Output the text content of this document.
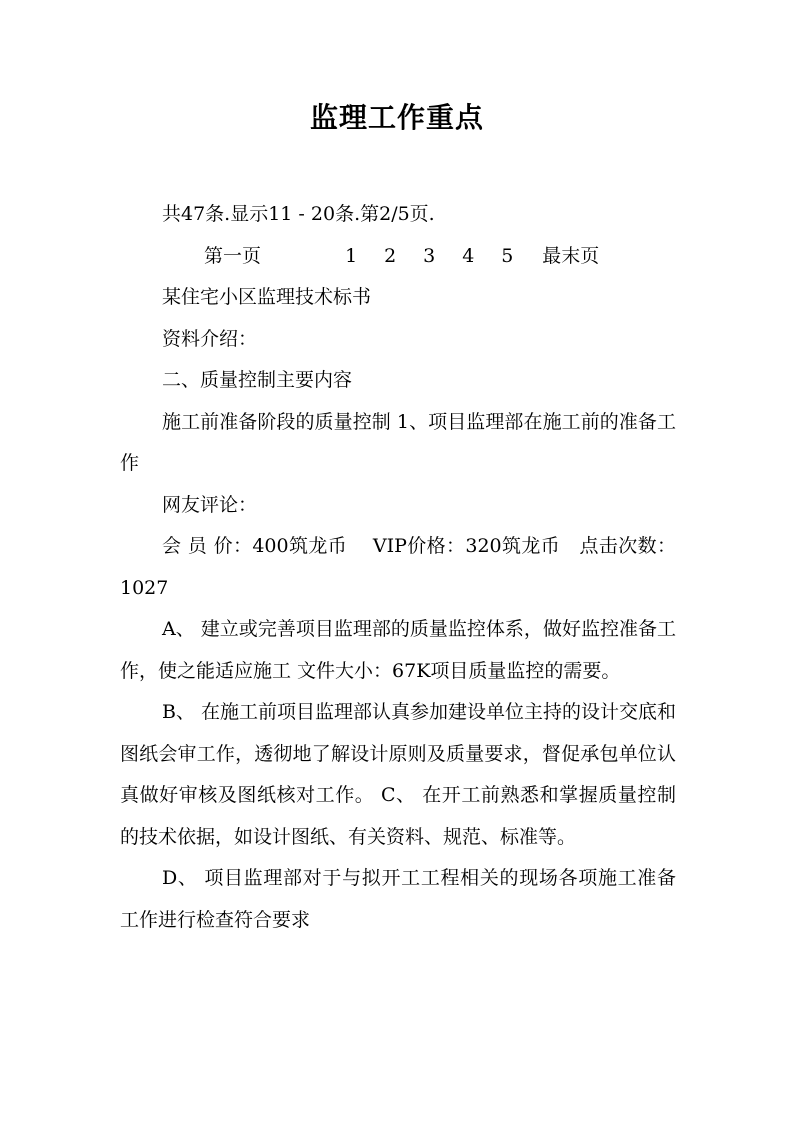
监理工作重点

共47条.显示11 - 20条.第2/5页.

第一页	1 2 3 4 5 最末页

某住宅小区监理技术标书

资料介绍：

二、质量控制主要内容

施工前准备阶段的质量控制 1、项目监理部在施工前的准备工作

网友评论：

会 员 价：400筑龙币　 VIP价格：320筑龙币　点击次数：1027

A、 建立或完善项目监理部的质量监控体系，做好监控准备工作，使之能适应施工 文件大小：67K项目质量监控的需要。

B、 在施工前项目监理部认真参加建设单位主持的设计交底和图纸会审工作，透彻地了解设计原则及质量要求，督促承包单位认真做好审核及图纸核对工作。 C、 在开工前熟悉和掌握质量控制的技术依据，如设计图纸、有关资料、规范、标准等。

D、 项目监理部对于与拟开工工程相关的现场各项施工准备工作进行检查符合要求
